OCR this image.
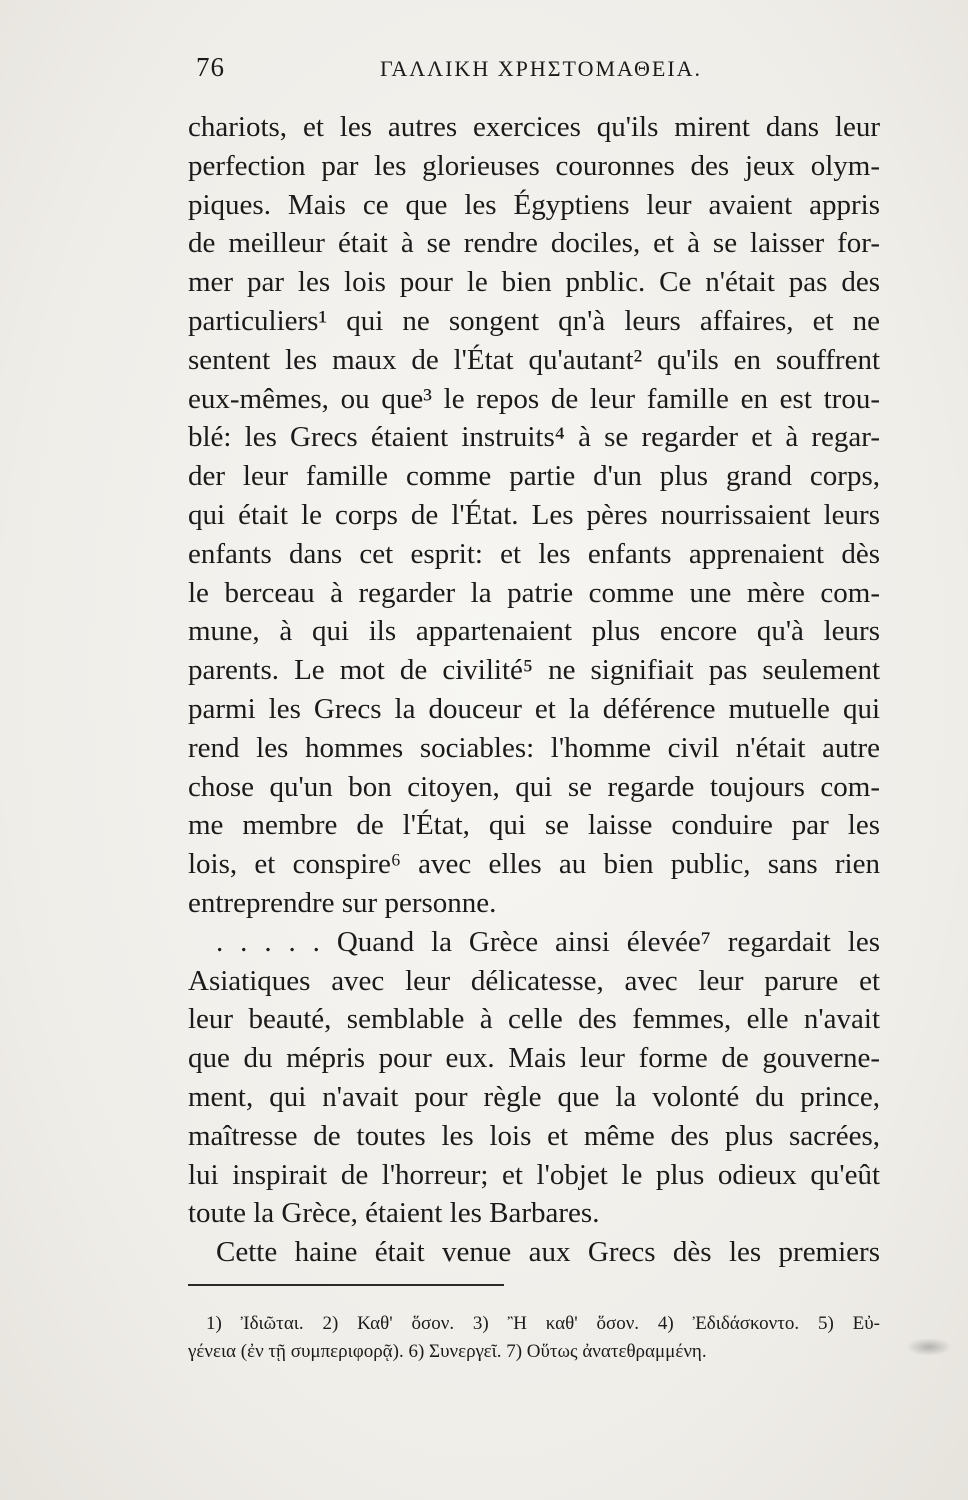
76	ΓΑΛΛΙΚΗ ΧΡΗΣΤΟΜΑΘΕΙΑ.
chariots, et les autres exercices qu'ils mirent dans leur
perfection par les glorieuses couronnes des jeux olym-
piques. Mais ce que les Égyptiens leur avaient appris
de meilleur était à se rendre dociles, et à se laisser for-
mer par les lois pour le bien pnblic. Ce n'était pas des
particuliers¹ qui ne songent qn'à leurs affaires, et ne
sentent les maux de l'État qu'autant² qu'ils en souffrent
eux-mêmes, ou que³ le repos de leur famille en est trou-
blé: les Grecs étaient instruits⁴ à se regarder et à regar-
der leur famille comme partie d'un plus grand corps,
qui était le corps de l'État. Les pères nourrissaient leurs
enfants dans cet esprit: et les enfants apprenaient dès
le berceau à regarder la patrie comme une mère com-
mune, à qui ils appartenaient plus encore qu'à leurs
parents. Le mot de civilité⁵ ne signifiait pas seulement
parmi les Grecs la douceur et la déférence mutuelle qui
rend les hommes sociables: l'homme civil n'était autre
chose qu'un bon citoyen, qui se regarde toujours com-
me membre de l'État, qui se laisse conduire par les
lois, et conspire⁶ avec elles au bien public, sans rien
entreprendre sur personne.
. . . . . Quand la Grèce ainsi élevée⁷ regardait les
Asiatiques avec leur délicatesse, avec leur parure et
leur beauté, semblable à celle des femmes, elle n'avait
que du mépris pour eux. Mais leur forme de gouverne-
ment, qui n'avait pour règle que la volonté du prince,
maîtresse de toutes les lois et même des plus sacrées,
lui inspirait de l'horreur; et l'objet le plus odieux qu'eût
toute la Grèce, étaient les Barbares.
Cette haine était venue aux Grecs dès les premiers
1) Ἰδιῶται. 2) Καθ' ὅσον. 3) Ἢ καθ' ὅσον. 4) Ἐδιδάσκοντο. 5) Εὐ-
γένεια (ἐν τῇ συμπεριφορᾷ). 6) Συνεργεῖ. 7) Οὕτως ἀνατεθραμμένη.
